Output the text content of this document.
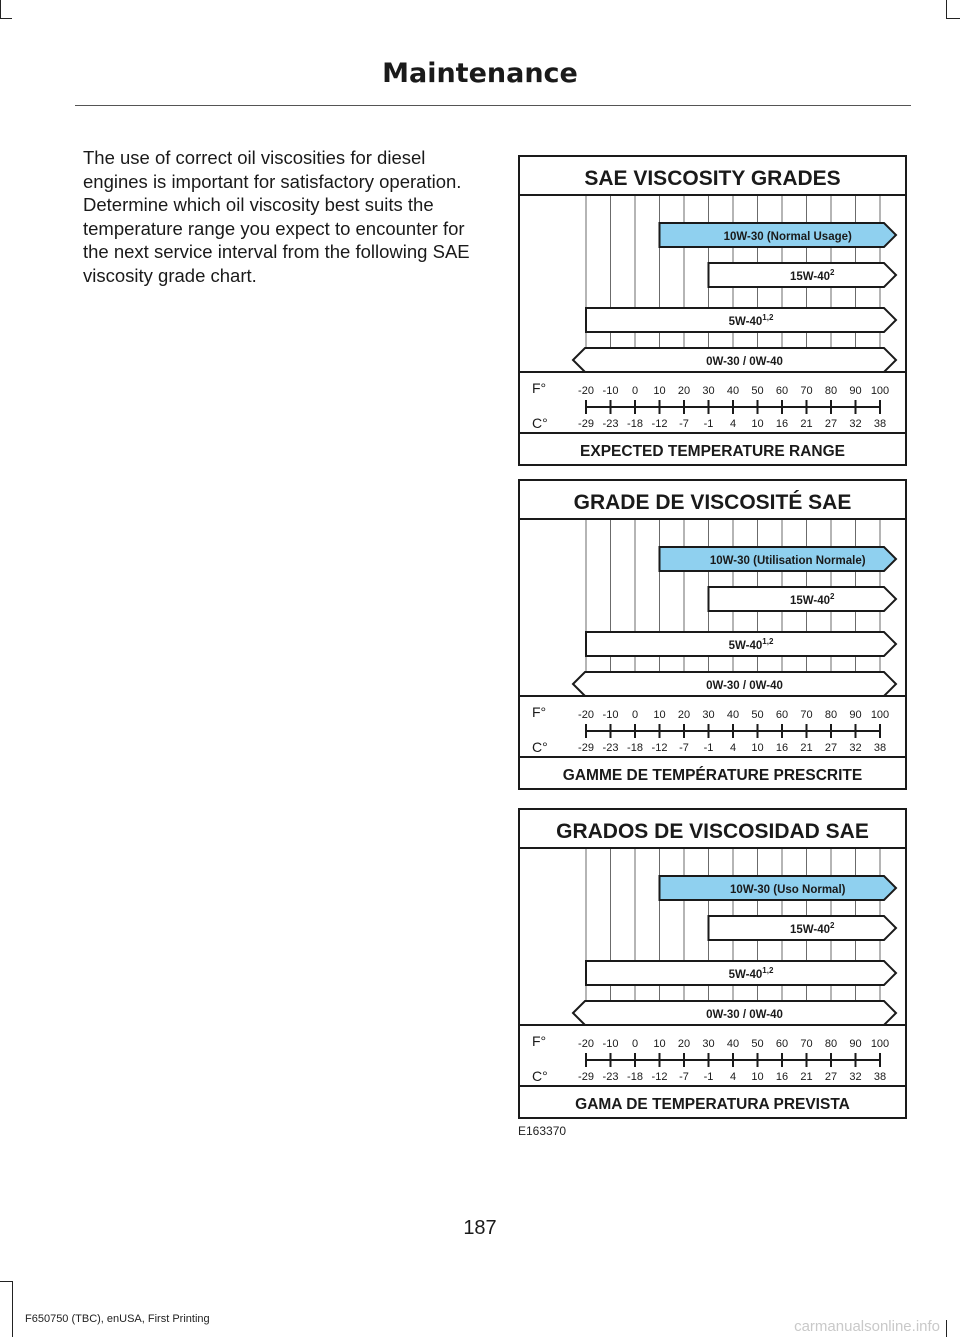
Maintenance

The use of correct oil viscosities for diesel engines is important for satisfactory operation. Determine which oil viscosity best suits the temperature range you expect to encounter for the next service interval from the following SAE viscosity grade chart.

SAE VISCOSITY GRADES
10W-30 (Normal Usage)
$15W-40^2$
5W-40$^{1,2}$
0W-30 / 0W-40
F°
C°
-20
-29
-10
-23
0
-18
10
-12
20
-7
30
-1
40
4
50
10
60
16
70
21
80
27
90
32
100
38
EXPECTED TEMPERATURE RANGE
GRADE DE VISCOSITÉ SAE
10W-30 (Utilisation Normale)
$15W-40^2$
5W-40$^{1,2}$
0W-30 / 0W-40
F°
C°
-20
-29
-10
-23
0
-18
10
-12
20
-7
30
-1
40
4
50
10
60
16
70
21
80
27
90
32
100
38
GAMME DE TEMPÉRATURE PRESCRITE
GRADOS DE VISCOSIDAD SAE
10W-30 (Uso Normal)
$15W-40^2$
5W-40$^{1,2}$
0W-30 / 0W-40
F°
C°
-20
-29
-10
-23
0
-18
10
-12
20
-7
30
-1
40
4
50
10
60
16
70
21
80
27
90
32
100
38
GAMA DE TEMPERATURA PREVISTA
E163370
187
F650750 (TBC), enUSA, First Printing	carmanualsonline.info
